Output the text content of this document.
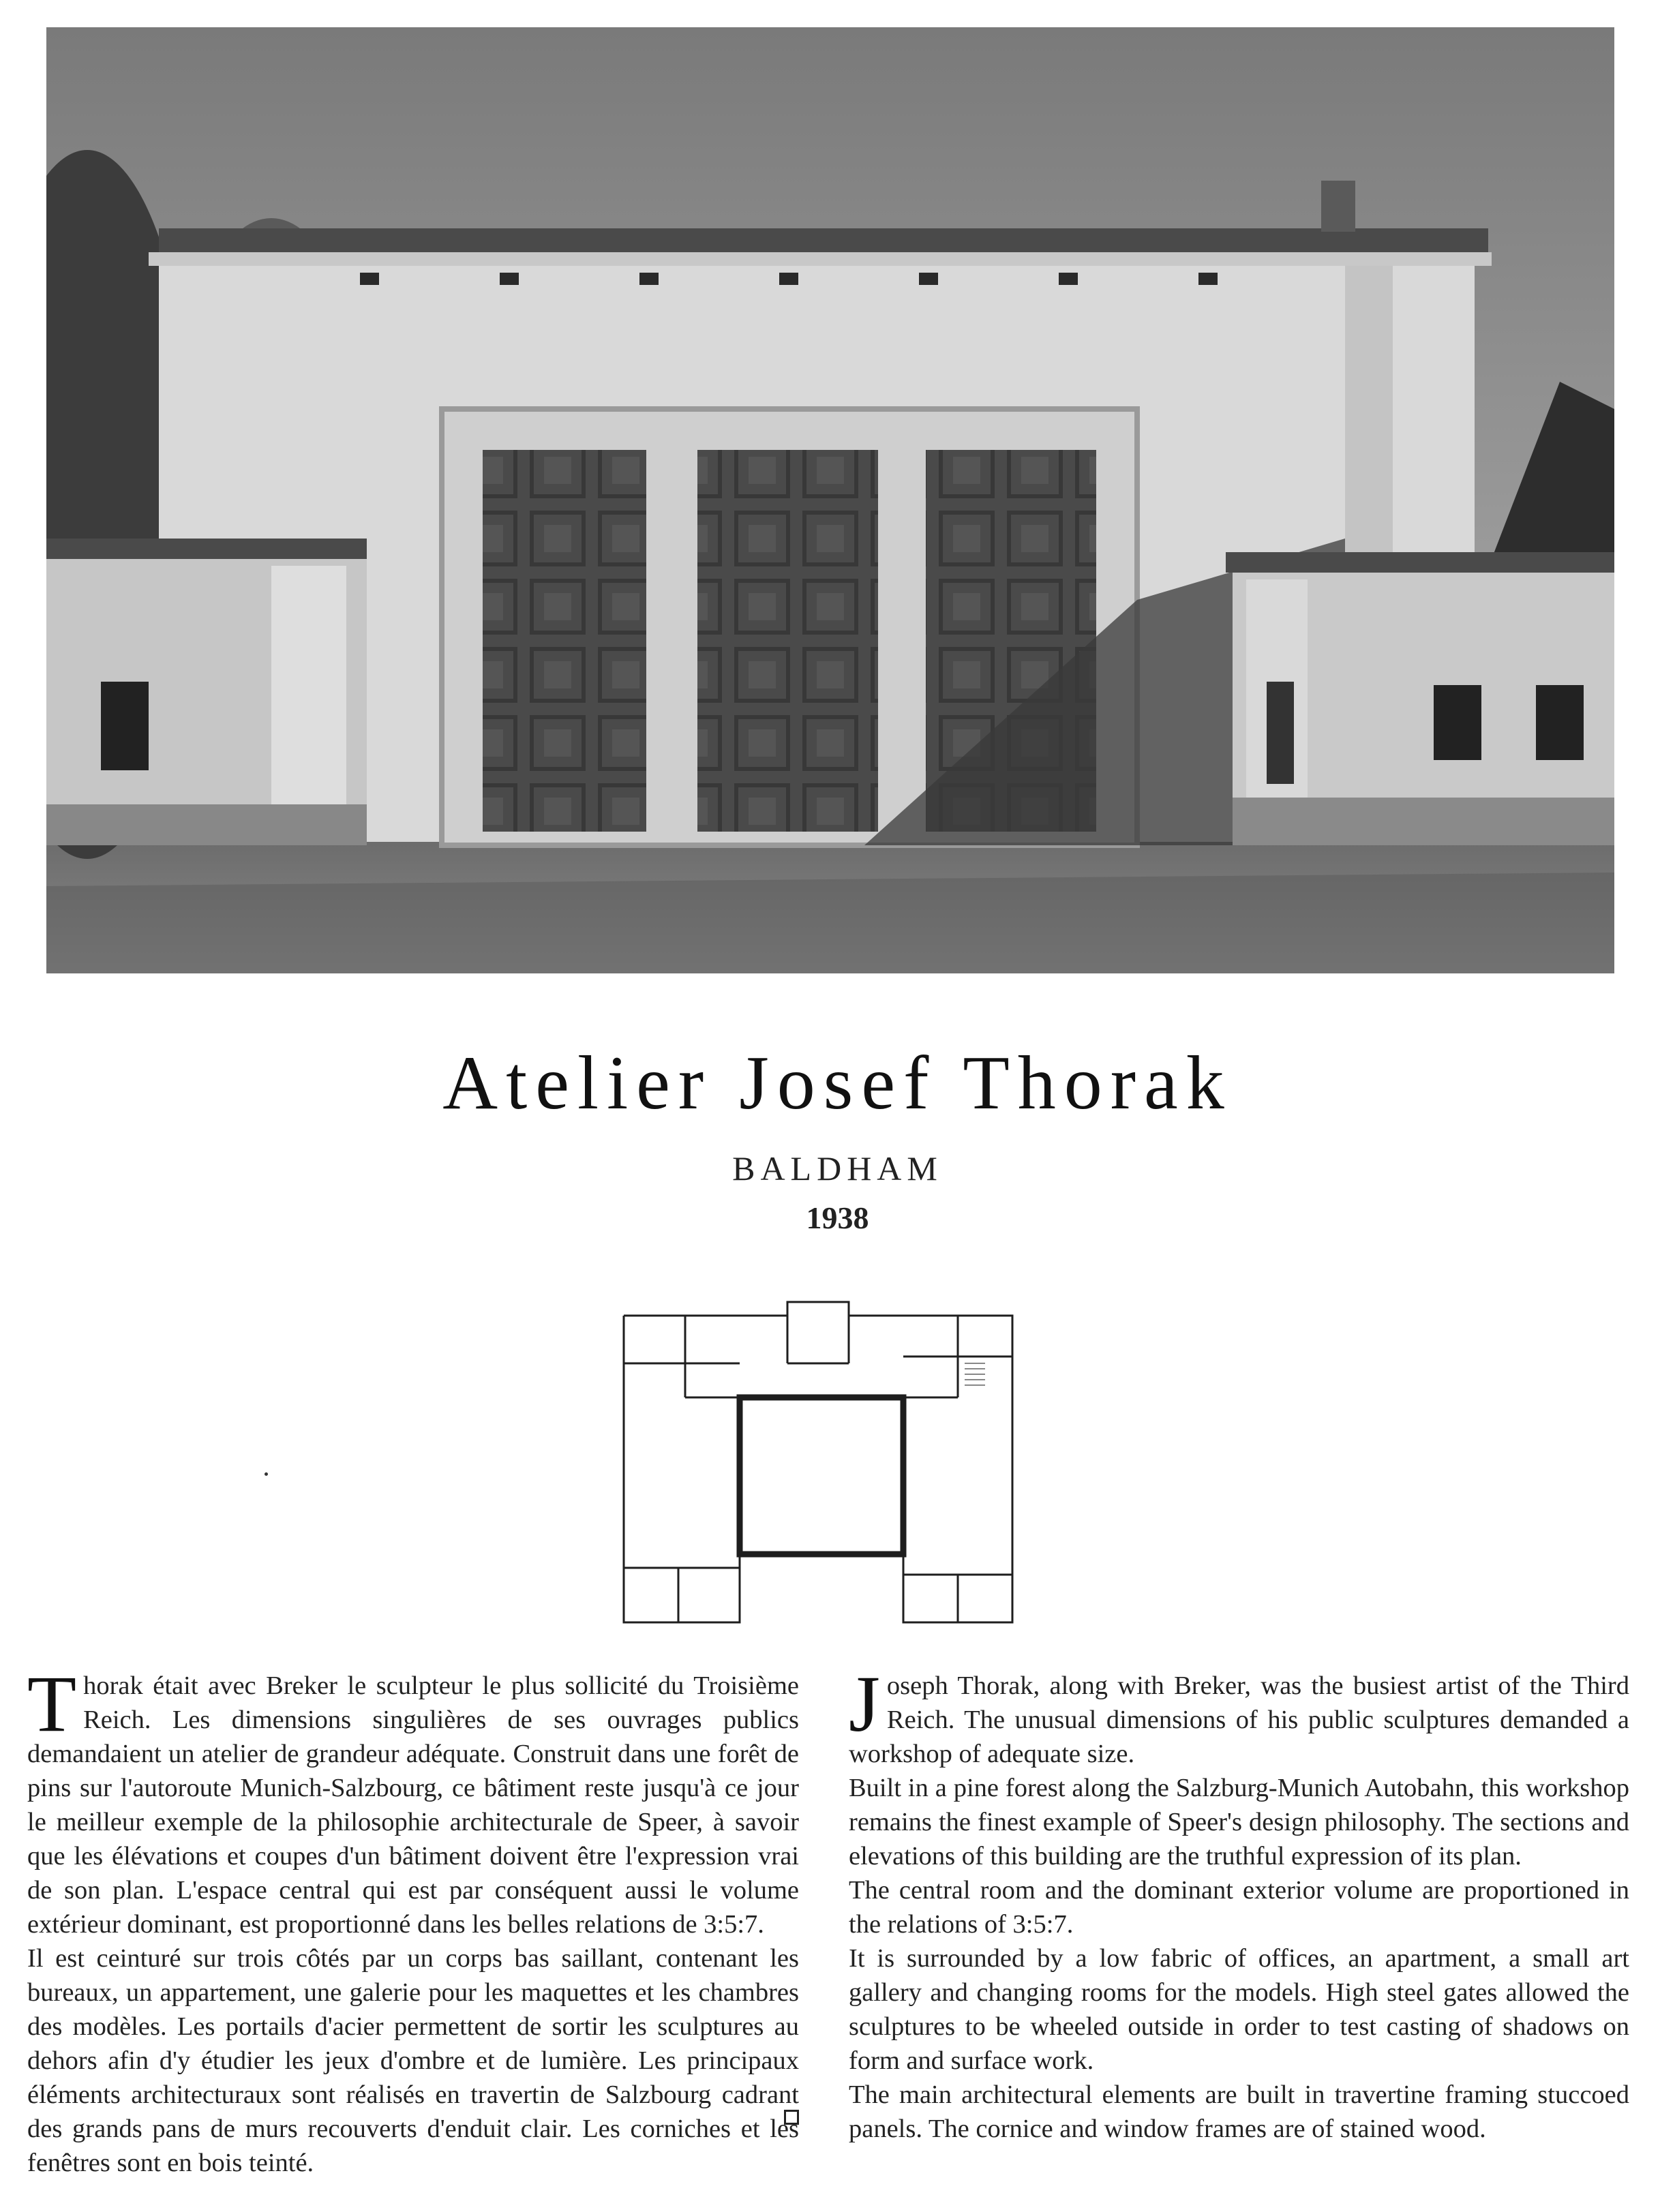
Atelier Josef Thorak
BALDHAM
1938
T horak était avec Breker le sculpteur le plus sollicité du Troisième Reich. Les dimensions singulières de ses ouvrages publics demandaient un atelier de grandeur adéquate. Construit dans une forêt de pins sur l'autoroute Munich-Salzbourg, ce bâtiment reste jusqu'à ce jour le meilleur exemple de la philosophie architecturale de Speer, à savoir que les élévations et coupes d'un bâtiment doivent être l'expression vrai de son plan. L'espace central qui est par conséquent aussi le volume extérieur dominant, est proportionné dans les belles relations de 3:5:7.

Il est ceinturé sur trois côtés par un corps bas saillant, contenant les bureaux, un appartement, une galerie pour les maquettes et les chambres des modèles. Les portails d'acier permettent de sortir les sculptures au dehors afin d'y étudier les jeux d'ombre et de lumière. Les principaux éléments architecturaux sont réalisés en travertin de Salzbourg cadrant des grands pans de murs recouverts d'enduit clair. Les corniches et les fenêtres sont en bois teinté.

J oseph Thorak, along with Breker, was the busiest artist of the Third Reich. The unusual dimensions of his public sculptures demanded a workshop of adequate size.

Built in a pine forest along the Salzburg-Munich Autobahn, this workshop remains the finest example of Speer's design philosophy. The sections and elevations of this building are the truthful expression of its plan.

The central room and the dominant exterior volume are proportioned in the relations of 3:5:7.

It is surrounded by a low fabric of offices, an apartment, a small art gallery and changing rooms for the models. High steel gates allowed the sculptures to be wheeled outside in order to test casting of shadows on form and surface work.

The main architectural elements are built in travertine framing stuccoed panels. The cornice and window frames are of stained wood.
